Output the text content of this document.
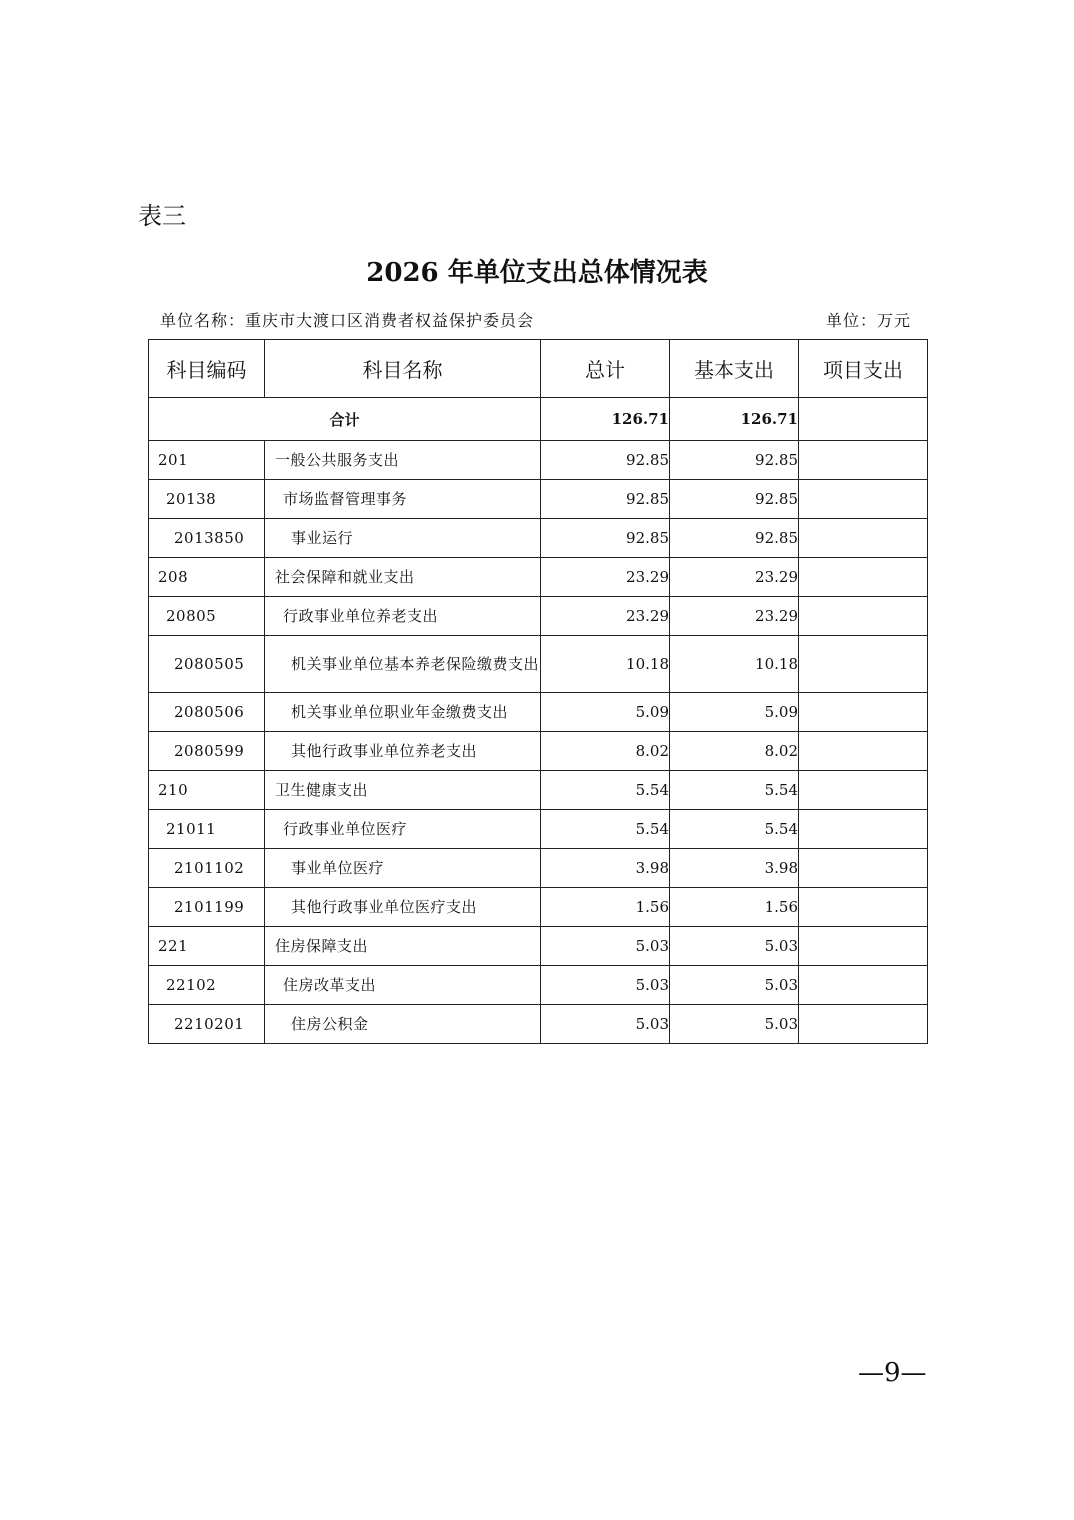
表三
2026 年单位支出总体情况表
单位名称：重庆市大渡口区消费者权益保护委员会	单位：万元
科目编码	科目名称	总计	基本支出	项目支出
合计		126.71	126.71	
201	一般公共服务支出	92.85	92.85	
20138	市场监督管理事务	92.85	92.85	
2013850	事业运行	92.85	92.85	
208	社会保障和就业支出	23.29	23.29	
20805	行政事业单位养老支出	23.29	23.29	
2080505	机关事业单位基本养老保险缴费支出	10.18	10.18	
2080506	机关事业单位职业年金缴费支出	5.09	5.09	
2080599	其他行政事业单位养老支出	8.02	8.02	
210	卫生健康支出	5.54	5.54	
21011	行政事业单位医疗	5.54	5.54	
2101102	事业单位医疗	3.98	3.98	
2101199	其他行政事业单位医疗支出	1.56	1.56	
221	住房保障支出	5.03	5.03	
22102	住房改革支出	5.03	5.03	
2210201	住房公积金	5.03	5.03	
—9—
